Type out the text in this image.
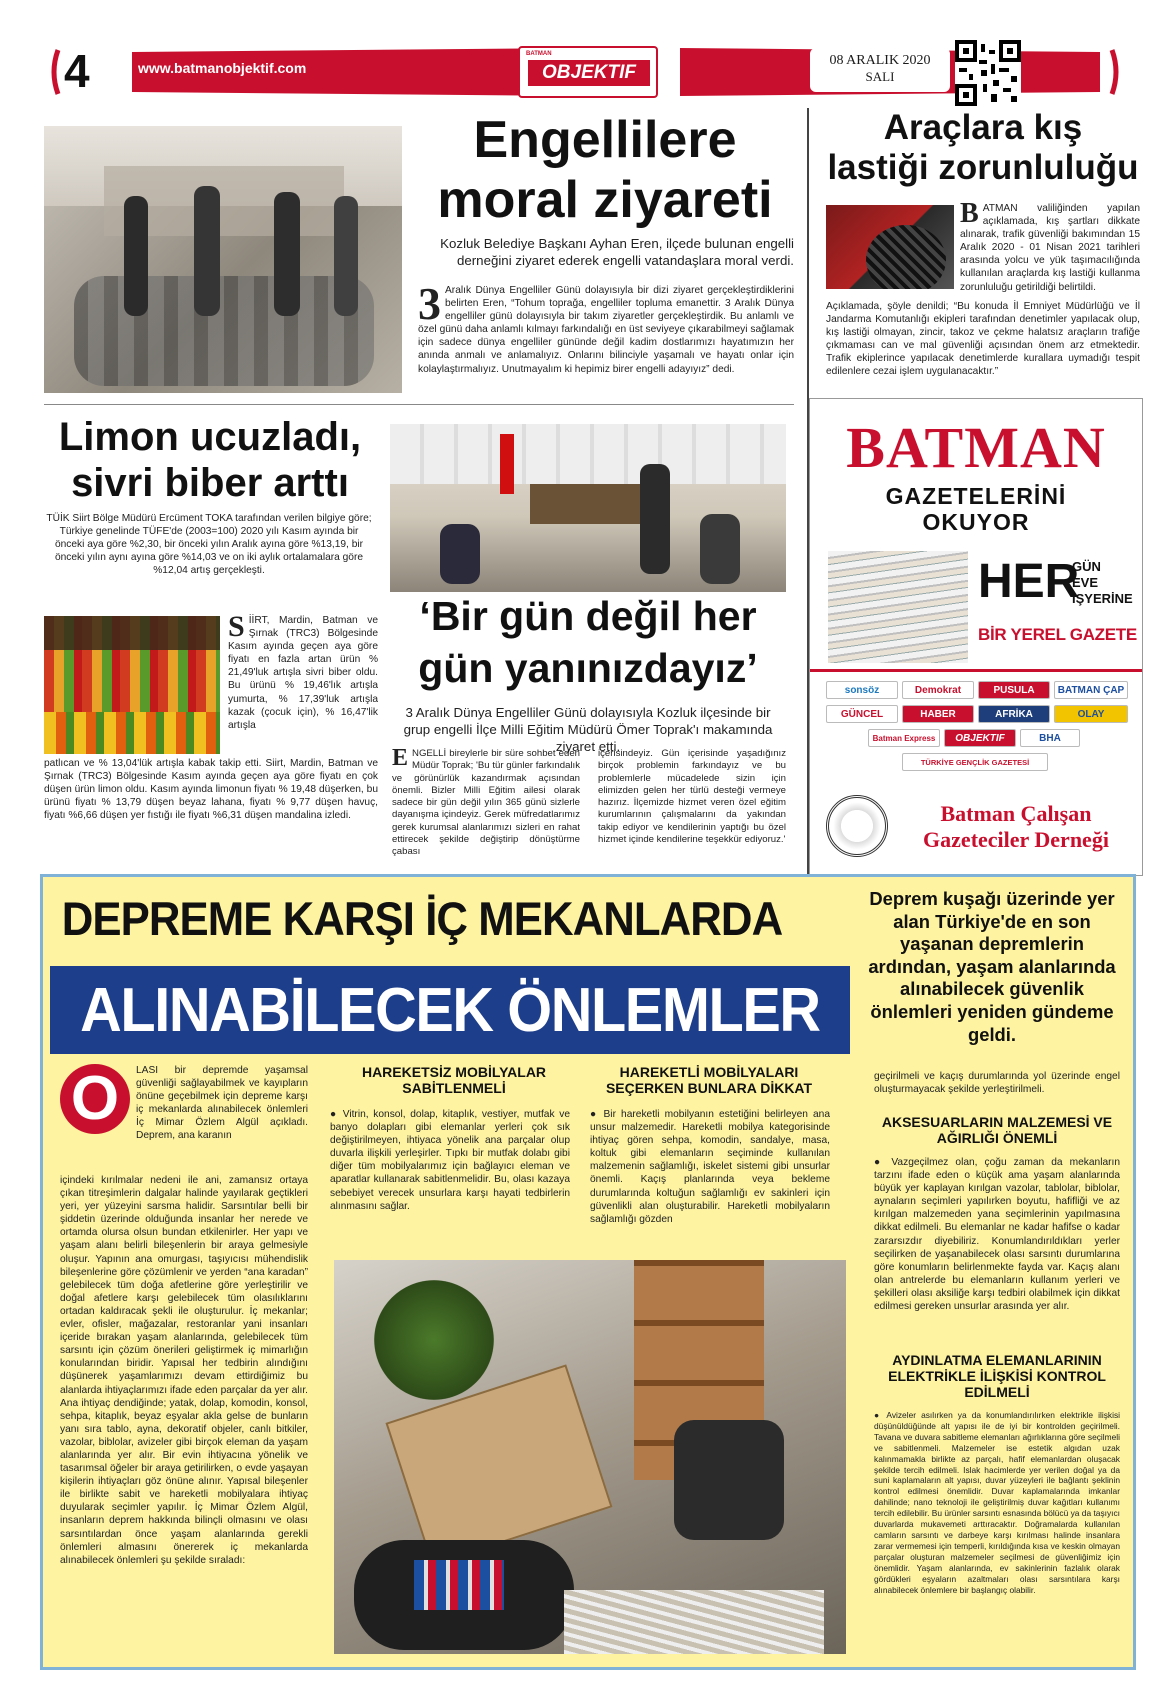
4	www.batmanobjektif.com
BATMAN
OBJEKTIF
08 ARALIK 2020
SALI
Engellilere
moral ziyareti
Kozluk Belediye Başkanı Ayhan Eren, ilçede bulunan engelli derneğini ziyaret ederek engelli vatandaşlara moral verdi.
3 Aralık Dünya Engelliler Günü dolayısıyla bir dizi ziyaret gerçekleştirdiklerini belirten Eren, “Tohum toprağa, engelliler topluma emanettir. 3 Aralık Dünya engelliler günü dolayısıyla bir takım ziyaretler gerçekleştirdik. Bu anlamlı ve özel günü daha anlamlı kılmayı farkındalığı en üst seviyeye çıkarabilmeyi sağlamak için sadece dünya engelliler gününde değil kadim dostlarımızı hayatımızın her anında anmalı ve anlamalıyız. Onlarını bilinciyle yaşamalı ve hayatı onlar için kolaylaştırmalıyız. Unutmayalım ki hepimiz birer engelli adayıyız” dedi.
Araçlara kış
lastiği zorunluluğu
B ATMAN valiliğinden yapılan açıklamada, kış şartları dikkate alınarak, trafik güvenliği bakımından 15 Aralık 2020 - 01 Nisan 2021 tarihleri arasında yolcu ve yük taşımacılığında kullanılan araçlarda kış lastiği kullanma zorunluluğu getirildiği belirtildi.
Açıklamada, şöyle denildi; “Bu konuda İl Emniyet Müdürlüğü ve İl Jandarma Komutanlığı ekipleri tarafından denetimler yapılacak olup, kış lastiği olmayan, zincir, takoz ve çekme halatsız araçların trafiğe çıkmaması can ve mal güvenliği açısından önem arz etmektedir. Trafik ekiplerince yapılacak denetimlerde kurallara uymadığı tespit edilenlere cezai işlem uygulanacaktır.”
BATMAN
GAZETELERİNİ
OKUYOR
HER
GÜN
EVE
İŞYERİNE
BİR YEREL GAZETE
sonsöz	Demokrat	PUSULA	BATMAN ÇAP
GÜNCEL	HABER	AFRİKA	OLAY
Batman Express	OBJEKTIF	BHA
TÜRKİYE GENÇLİK GAZETESİ
Batman Çalışan
Gazeteciler Derneği
Limon ucuzladı,
sivri biber arttı
TÜİK Siirt Bölge Müdürü Ercüment TOKA tarafından verilen bilgiye göre; Türkiye genelinde TÜFE'de (2003=100) 2020 yılı Kasım ayında bir önceki aya göre %2,30, bir önceki yılın Aralık ayına göre %13,19, bir önceki yılın aynı ayına göre %14,03 ve on iki aylık ortalamalara göre %12,04 artış gerçekleşti.
S İİRT, Mardin, Batman ve Şırnak (TRC3) Bölgesinde Kasım ayında geçen aya göre fiyatı en fazla artan ürün % 21,49'luk artışla sivri biber oldu. Bu ürünü % 19,46'lık artışla yumurta, % 17,39'luk artışla kazak (çocuk için), % 16,47'lik artışla
patlıcan ve % 13,04'lük artışla kabak takip etti. Siirt, Mardin, Batman ve Şırnak (TRC3) Bölgesinde Kasım ayında geçen aya göre fiyatı en çok düşen ürün limon oldu. Kasım ayında limonun fiyatı % 19,48 düşerken, bu ürünü fiyatı % 13,79 düşen beyaz lahana, fiyatı % 9,77 düşen havuç, fiyatı %6,66 düşen yer fıstığı ile fiyatı %6,31 düşen mandalina izledi.
‘Bir gün değil her
gün yanınızdayız’
3 Aralık Dünya Engelliler Günü dolayısıyla Kozluk ilçesinde bir grup engelli İlçe Milli Eğitim Müdürü Ömer Toprak'ı makamında ziyaret etti.
E NGELLİ bireylerle bir süre sohbet eden Müdür Toprak; 'Bu tür günler farkındalık ve görünürlük kazandırmak açısından önemli. Bizler Milli Eğitim ailesi olarak sadece bir gün değil yılın 365 günü sizlerle dayanışma içindeyiz. Gerek müfredatlarımız gerek kurumsal alanlarımızı sizleri en rahat ettirecek şekilde değiştirip dönüştürme çabası
içerisindeyiz. Gün içerisinde yaşadığınız birçok problemin farkındayız ve bu problemlerle mücadelede sizin için elimizden gelen her türlü desteği vermeye hazırız. İlçemizde hizmet veren özel eğitim kurumlarının çalışmalarını da yakından takip ediyor ve kendilerinin yaptığı bu özel hizmet içinde kendilerine teşekkür ediyoruz.'
DEPREME KARŞI İÇ MEKANLARDA
ALINABİLECEK ÖNLEMLER
Deprem kuşağı üzerinde yer alan Türkiye'de en son yaşanan depremlerin ardından, yaşam alanlarında alınabilecek güvenlik önlemleri yeniden gündeme geldi.
O	LASI bir depremde yaşamsal güvenliği sağlayabilmek ve kayıpların önüne geçebilmek için depreme karşı iç mekanlarda alınabilecek önlemleri İç Mimar Özlem Algül açıkladı. Deprem, ana karanın
içindeki kırılmalar nedeni ile ani, zamansız ortaya çıkan titreşimlerin dalgalar halinde yayılarak geçtikleri yeri, yer yüzeyini sarsma halidir. Sarsıntılar belli bir şiddetin üzerinde olduğunda insanlar her nerede ve ortamda olursa olsun bundan etkilenirler. Her yapı ve yaşam alanı belirli bileşenlerin bir araya gelmesiyle oluşur. Yapının ana omurgası, taşıyıcısı mühendislik bileşenlerine göre çözümlenir ve yerden “ana karadan” gelebilecek tüm doğa afetlerine göre yerleştirilir ve doğal afetlere karşı gelebilecek tüm olasılıklarını ortadan kaldıracak şekli ile oluşturulur. İç mekanlar; evler, ofisler, mağazalar, restoranlar yani insanları içeride bırakan yaşam alanlarında, gelebilecek tüm sarsıntı için çözüm önerileri geliştirmek iç mimarlığın konularından biridir. Yapısal her tedbirin alındığını düşünerek yaşamlarımızı devam ettirdiğimiz bu alanlarda ihtiyaçlarımızı ifade eden parçalar da yer alır. Ana ihtiyaç dendiğinde; yatak, dolap, komodin, konsol, sehpa, kitaplık, beyaz eşyalar akla gelse de bunların yanı sıra tablo, ayna, dekoratif objeler, canlı bitkiler, vazolar, biblolar, avizeler gibi birçok eleman da yaşam alanlarında yer alır. Bir evin ihtiyacına yönelik ve tasarımsal öğeler bir araya getirilirken, o evde yaşayan kişilerin ihtiyaçları göz önüne alınır. Yapısal bileşenler ile birlikte sabit ve hareketli mobilyalara ihtiyaç duyularak seçimler yapılır. İç Mimar Özlem Algül, insanların deprem hakkında bilinçli olmasını ve olası sarsıntılardan önce yaşam alanlarında gerekli önlemleri almasını önererek iç mekanlarda alınabilecek önlemleri şu şekilde sıraladı:
HAREKETSİZ MOBİLYALAR SABİTLENMELİ
● Vitrin, konsol, dolap, kitaplık, vestiyer, mutfak ve banyo dolapları gibi elemanlar yerleri çok sık değiştirilmeyen, ihtiyaca yönelik ana parçalar olup duvarla ilişkili yerleşirler. Tıpkı bir mutfak dolabı gibi diğer tüm mobilyalarımız için bağlayıcı eleman ve aparatlar kullanarak sabitlenmelidir. Bu, olası kazaya sebebiyet verecek unsurlara karşı hayati tedbirlerin alınmasını sağlar.
HAREKETLİ MOBİLYALARI SEÇERKEN BUNLARA DİKKAT
● Bir hareketli mobilyanın estetiğini belirleyen ana unsur malzemedir. Hareketli mobilya kategorisinde ihtiyaç gören sehpa, komodin, sandalye, masa, koltuk gibi elemanların seçiminde kullanılan malzemenin sağlamlığı, iskelet sistemi gibi unsurlar önemli. Kaçış planlarında veya bekleme durumlarında koltuğun sağlamlığı ev sakinleri için güvenlikli alan oluşturabilir. Hareketli mobilyaların sağlamlığı gözden
geçirilmeli ve kaçış durumlarında yol üzerinde engel oluşturmayacak şekilde yerleştirilmeli.
AKSESUARLARIN MALZEMESİ VE AĞIRLIĞI ÖNEMLİ
● Vazgeçilmez olan, çoğu zaman da mekanların tarzını ifade eden o küçük ama yaşam alanlarında büyük yer kaplayan kırılgan vazolar, tablolar, biblolar, aynaların seçimleri yapılırken boyutu, hafifliği ve az kırılgan malzemeden yana seçimlerinin yapılmasına dikkat edilmeli. Bu elemanlar ne kadar hafifse o kadar zararsızdır diyebiliriz. Konumlandırıldıkları yerler seçilirken de yaşanabilecek olası sarsıntı durumlarına göre konumların belirlenmekte fayda var. Kaçış alanı olan antrelerde bu elemanların kullanım yerleri ve şekilleri olası aksiliğe karşı tedbiri olabilmek için dikkat edilmesi gereken unsurlar arasında yer alır.
AYDINLATMA ELEMANLARININ ELEKTRİKLE İLİŞKİSİ KONTROL EDİLMELİ
● Avizeler asılırken ya da konumlandırılırken elektrikle ilişkisi düşünüldüğünde alt yapısı ile de iyi bir kontrolden geçirilmeli. Tavana ve duvara sabitleme elemanları ağırlıklarına göre seçilmeli ve sabitlenmeli. Malzemeler ise estetik algıdan uzak kalınmamakla birlikte az parçalı, hafif elemanlardan oluşacak şekilde tercih edilmeli. Islak hacimlerde yer verilen doğal ya da suni kaplamaların alt yapısı, duvar yüzeyleri ile bağlantı şeklinin kontrol edilmesi önemlidir. Duvar kaplamalarında imkanlar dahilinde; nano teknoloji ile geliştirilmiş duvar kağıtları kullanımı tercih edilebilir. Bu ürünler sarsıntı esnasında bölücü ya da taşıyıcı duvarlarda mukavemeti arttıracaktır. Doğramalarda kullanılan camların sarsıntı ve darbeye karşı kırılması halinde insanlara zarar vermemesi için temperli, kırıldığında kısa ve keskin olmayan parçalar oluşturan malzemeler seçilmesi de güvenliğimiz için önemlidir. Yaşam alanlarında, ev sakinlerinin fazlalık olarak gördükleri eşyaların azaltmaları olası sarsıntılara karşı alınabilecek önlemlere bir başlangıç olabilir.
